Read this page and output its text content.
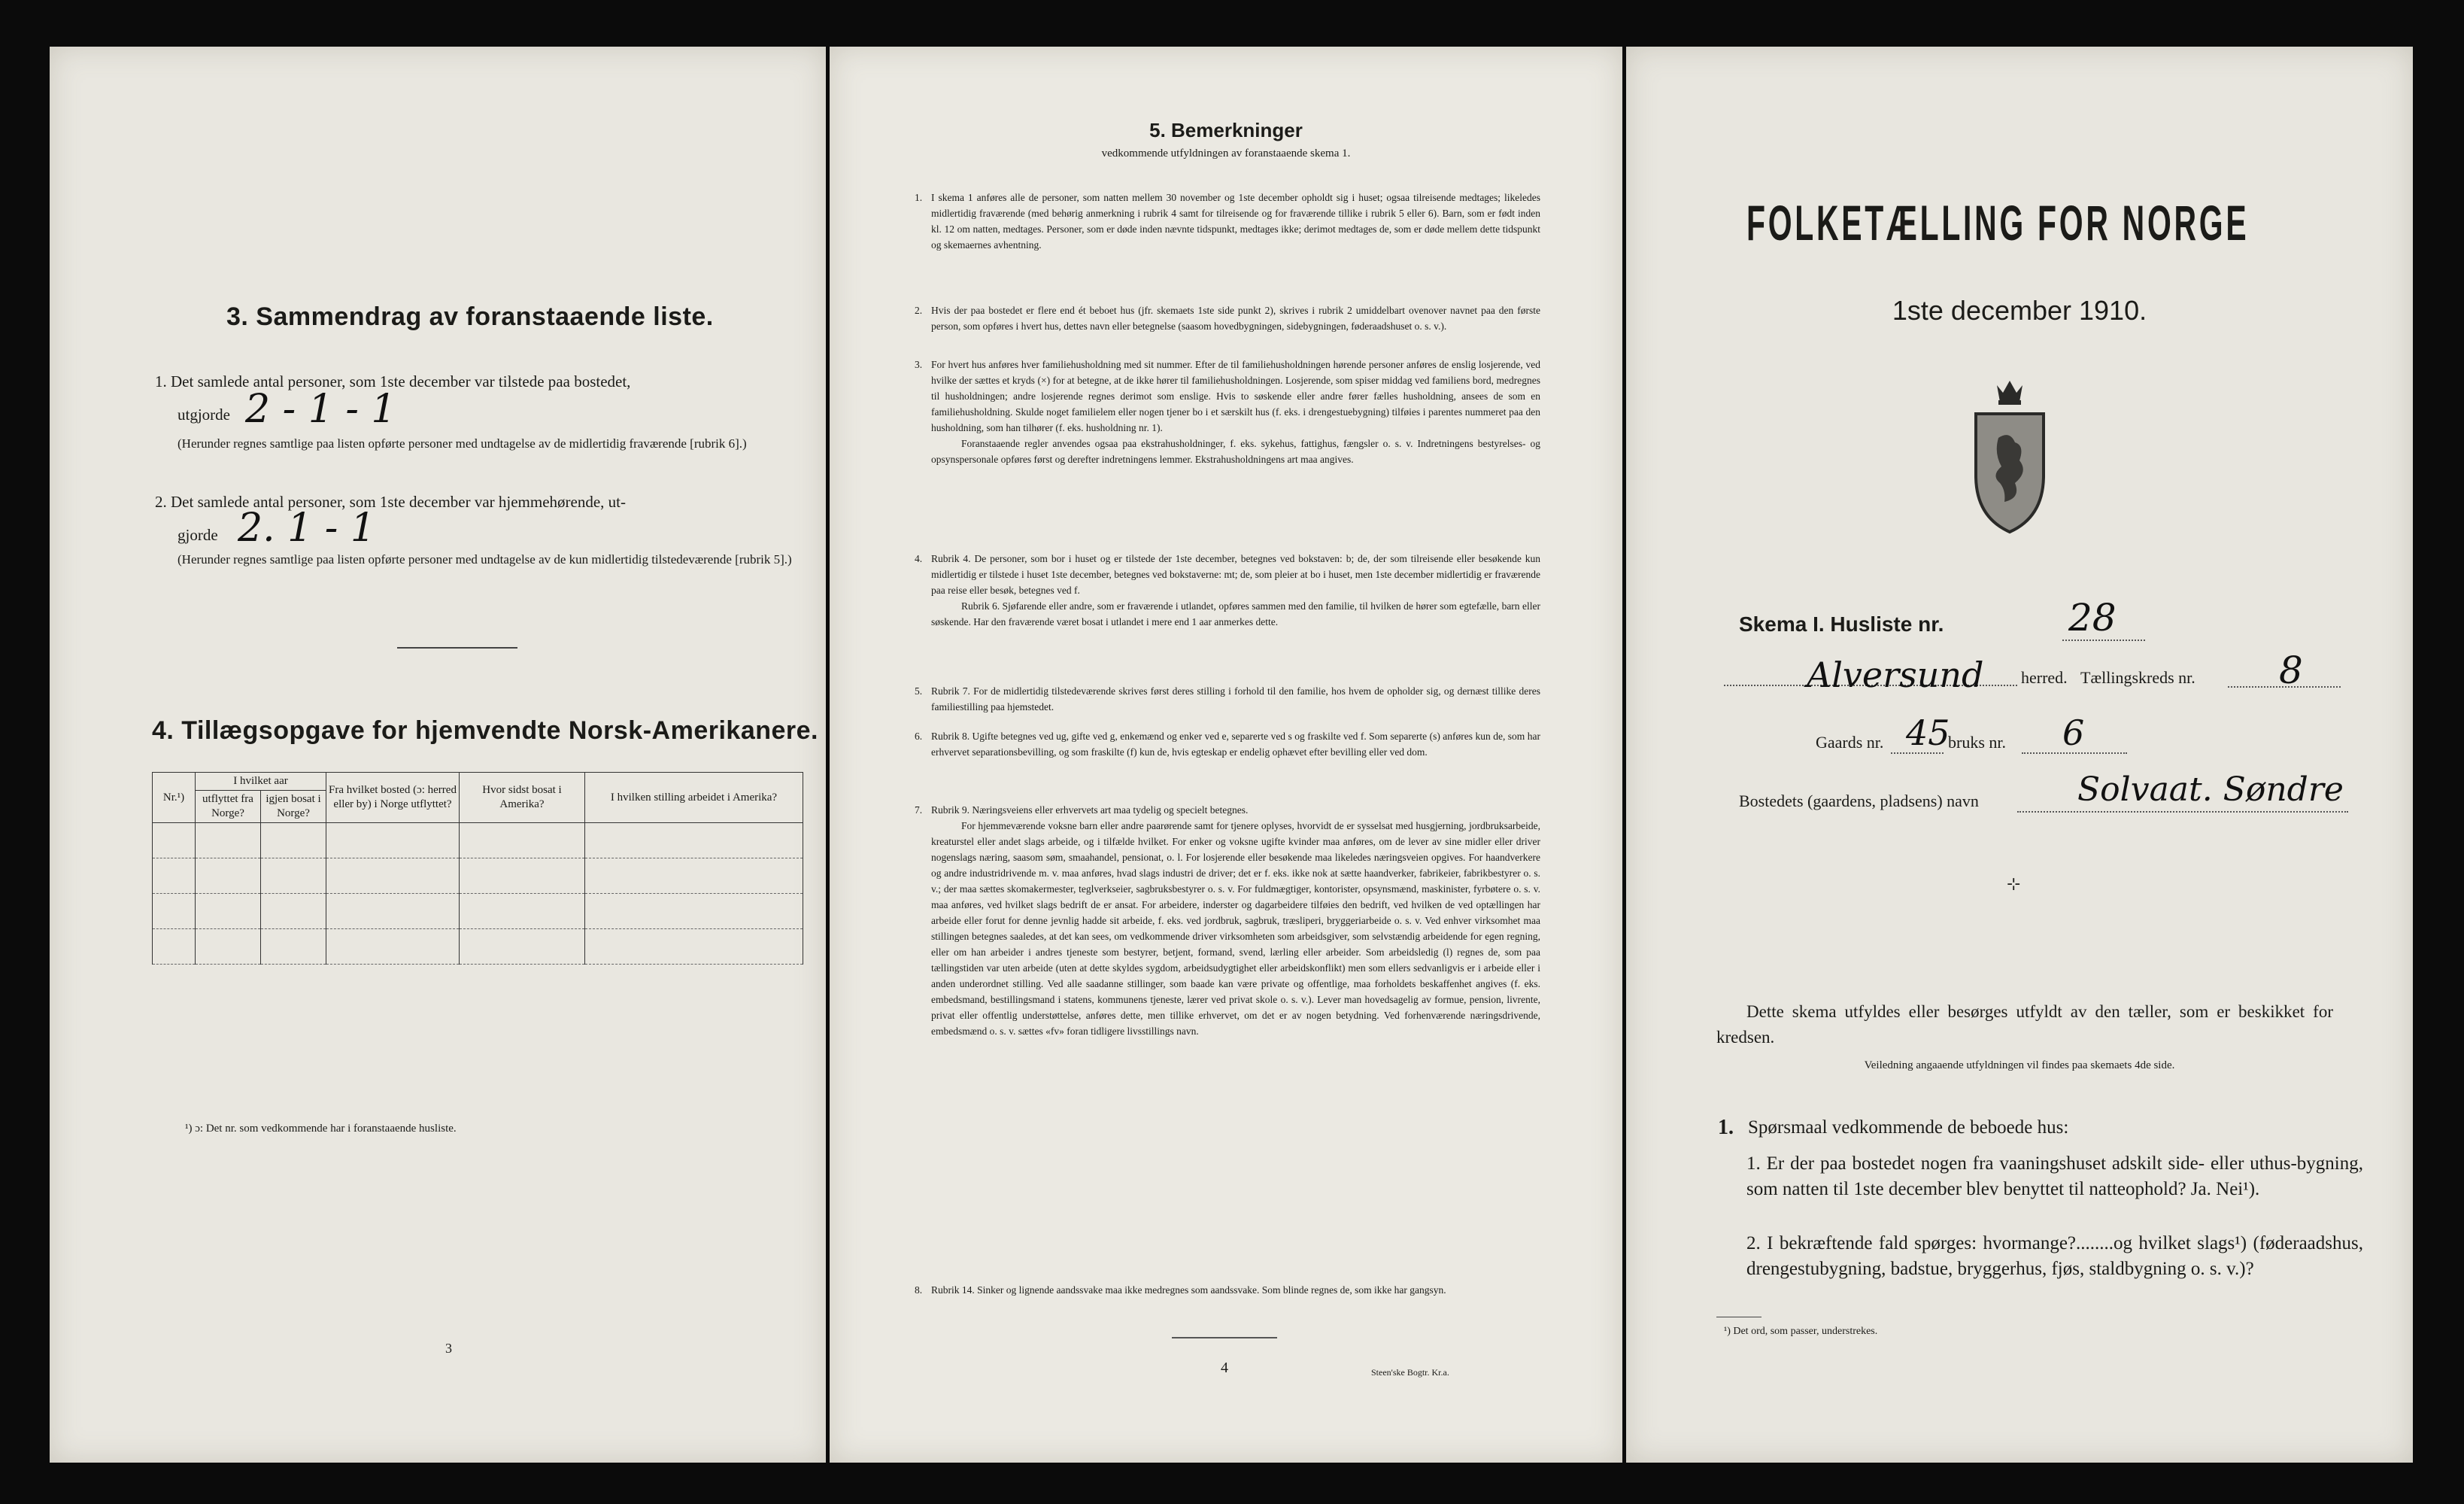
3. Sammendrag av foranstaaende liste.
1. Det samlede antal personer, som 1ste december var tilstede paa bostedet,
utgjorde 2 - 1 - 1
(Herunder regnes samtlige paa listen opførte personer med undtagelse av de midlertidig fraværende [rubrik 6].)
2. Det samlede antal personer, som 1ste december var hjemmehørende, ut-
gjorde 2. 1 - 1
(Herunder regnes samtlige paa listen opførte personer med undtagelse av de kun midlertidig tilstedeværende [rubrik 5].)
4. Tillægsopgave for hjemvendte Norsk-Amerikanere.
Nr.¹)	I hvilket aar		Fra hvilket bosted (ɔ: herred eller by) i Norge utflyttet?	Hvor sidst bosat i Amerika?	I hvilken stilling arbeidet i Amerika?
	utflyttet fra Norge?	igjen bosat i Norge?			

¹) ɔ: Det nr. som vedkommende har i foranstaaende husliste.
3
5. Bemerkninger
vedkommende utfyldningen av foranstaaende skema 1.
1. I skema 1 anføres alle de personer, som natten mellem 30 november og 1ste december opholdt sig i huset; ogsaa tilreisende medtages; likeledes midlertidig fraværende (med behørig anmerkning i rubrik 4 samt for tilreisende og for fraværende tillike i rubrik 5 eller 6). Barn, som er født inden kl. 12 om natten, medtages. Personer, som er døde inden nævnte tidspunkt, medtages ikke; derimot medtages de, som er døde mellem dette tidspunkt og skemaernes avhentning.

2. Hvis der paa bostedet er flere end ét beboet hus (jfr. skemaets 1ste side punkt 2), skrives i rubrik 2 umiddelbart ovenover navnet paa den første person, som opføres i hvert hus, dettes navn eller betegnelse (saasom hovedbygningen, sidebygningen, føderaadshuset o. s. v.).

3. For hvert hus anføres hver familiehusholdning med sit nummer. Efter de til familiehusholdningen hørende personer anføres de enslig losjerende, ved hvilke der sættes et kryds (×) for at betegne, at de ikke hører til familiehusholdningen. Losjerende, som spiser middag ved familiens bord, medregnes til husholdningen; andre losjerende regnes derimot som enslige. Hvis to søskende eller andre fører fælles husholdning, ansees de som en familiehusholdning. Skulde noget familielem eller nogen tjener bo i et særskilt hus (f. eks. i drengestuebygning) tilføies i parentes nummeret paa den husholdning, som han tilhører (f. eks. husholdning nr. 1).

Foranstaaende regler anvendes ogsaa paa ekstrahusholdninger, f. eks. sykehus, fattighus, fængsler o. s. v. Indretningens bestyrelses- og opsynspersonale opføres først og derefter indretningens lemmer. Ekstrahusholdningens art maa angives.

4. Rubrik 4. De personer, som bor i huset og er tilstede der 1ste december, betegnes ved bokstaven: b; de, der som tilreisende eller besøkende kun midlertidig er tilstede i huset 1ste december, betegnes ved bokstaverne: mt; de, som pleier at bo i huset, men 1ste december midlertidig er fraværende paa reise eller besøk, betegnes ved f.

Rubrik 6. Sjøfarende eller andre, som er fraværende i utlandet, opføres sammen med den familie, til hvilken de hører som egtefælle, barn eller søskende. Har den fraværende været bosat i utlandet i mere end 1 aar anmerkes dette.

5. Rubrik 7. For de midlertidig tilstedeværende skrives først deres stilling i forhold til den familie, hos hvem de opholder sig, og dernæst tillike deres familiestilling paa hjemstedet.

6. Rubrik 8. Ugifte betegnes ved ug, gifte ved g, enkemænd og enker ved e, separerte ved s og fraskilte ved f. Som separerte (s) anføres kun de, som har erhvervet separationsbevilling, og som fraskilte (f) kun de, hvis egteskap er endelig ophævet efter bevilling eller ved dom.

7. Rubrik 9. Næringsveiens eller erhvervets art maa tydelig og specielt betegnes.

For hjemmeværende voksne barn eller andre paarørende samt for tjenere oplyses, hvorvidt de er sysselsat med husgjerning, jordbruksarbeide, kreaturstel eller andet slags arbeide, og i tilfælde hvilket. For enker og voksne ugifte kvinder maa anføres, om de lever av sine midler eller driver nogenslags næring, saasom søm, smaahandel, pensionat, o. l. For losjerende eller besøkende maa likeledes næringsveien opgives. For haandverkere og andre industridrivende m. v. maa anføres, hvad slags industri de driver; det er f. eks. ikke nok at sætte haandverker, fabrikeier, fabrikbestyrer o. s. v.; der maa sættes skomakermester, teglverkseier, sagbruksbestyrer o. s. v. For fuldmægtiger, kontorister, opsynsmænd, maskinister, fyrbøtere o. s. v. maa anføres, ved hvilket slags bedrift de er ansat. For arbeidere, inderster og dagarbeidere tilføies den bedrift, ved hvilken de ved optællingen har arbeide eller forut for denne jevnlig hadde sit arbeide, f. eks. ved jordbruk, sagbruk, træsliperi, bryggeriarbeide o. s. v. Ved enhver virksomhet maa stillingen betegnes saaledes, at det kan sees, om vedkommende driver virksomheten som arbeidsgiver, som selvstændig arbeidende for egen regning, eller om han arbeider i andres tjeneste som bestyrer, betjent, formand, svend, lærling eller arbeider. Som arbeidsledig (l) regnes de, som paa tællingstiden var uten arbeide (uten at dette skyldes sygdom, arbeidsudygtighet eller arbeidskonflikt) men som ellers sedvanligvis er i arbeide eller i anden underordnet stilling. Ved alle saadanne stillinger, som baade kan være private og offentlige, maa forholdets beskaffenhet angives (f. eks. embedsmand, bestillingsmand i statens, kommunens tjeneste, lærer ved privat skole o. s. v.). Lever man hovedsagelig av formue, pension, livrente, privat eller offentlig understøttelse, anføres dette, men tillike erhvervet, om det er av nogen betydning. Ved forhenværende næringsdrivende, embedsmænd o. s. v. sættes «fv» foran tidligere livsstillings navn.

8. Rubrik 14. Sinker og lignende aandssvake maa ikke medregnes som aandssvake. Som blinde regnes de, som ikke har gangsyn.

4	Steen'ske Bogtr. Kr.a.
FOLKETÆLLING FOR NORGE
1ste december 1910.
Skema I. Husliste nr.	28
Alversund herred. Tællingskreds nr. 8
Gaards nr. 45
bruks nr. 6
Bostedets (gaardens, pladsens) navn	Solvaat. Søndre
⊹
Dette skema utfyldes eller besørges utfyldt av den tæller, som er beskikket for kredsen.
Veiledning angaaende utfyldningen vil findes paa skemaets 4de side.
1. Spørsmaal vedkommende de beboede hus:
1. Er der paa bostedet nogen fra vaaningshuset adskilt side- eller uthus-bygning, som natten til 1ste december blev benyttet til natteophold? Ja. Nei¹).
2. I bekræftende fald spørges: hvormange?........og hvilket slags¹) (føderaadshus, drengestubygning, badstue, bryggerhus, fjøs, staldbygning o. s. v.)?
¹) Det ord, som passer, understrekes.
